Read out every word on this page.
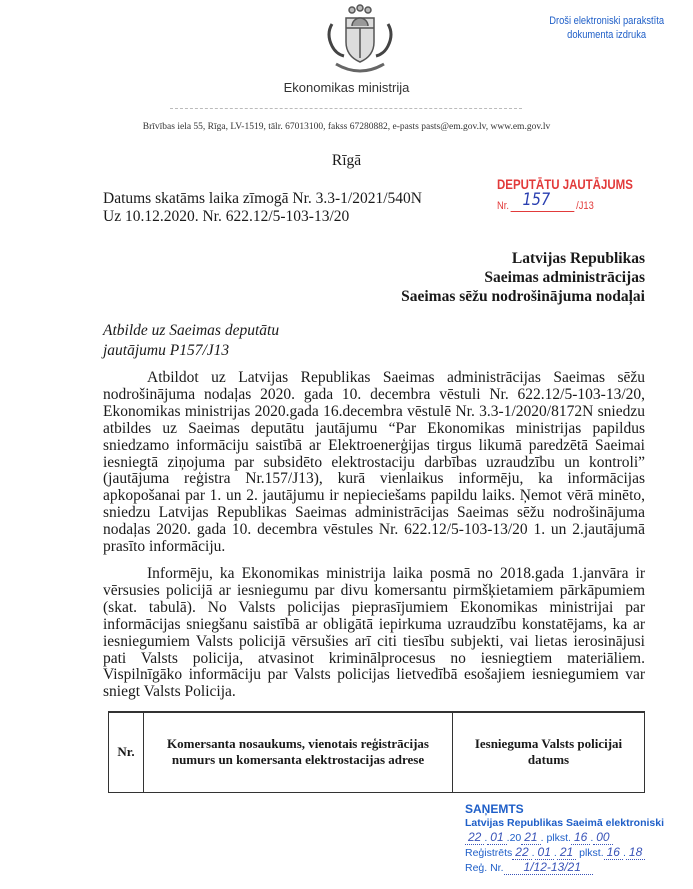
Ekonomikas ministrija
Brīvības iela 55, Rīga, LV-1519, tālr. 67013100, fakss 67280882, e-pasts pasts@em.gov.lv, www.em.gov.lv
Droši elektroniski parakstīta
dokumenta izdruka
Rīgā
Datums skatāms laika zīmogā Nr. 3.3-1/2021/540N
Uz 10.12.2020. Nr. 622.12/5-103-13/20
DEPUTĀTU JAUTĀJUMS
Nr. 157 /J13
Latvijas Republikas
Saeimas administrācijas
Saeimas sēžu nodrošinājuma nodaļai
Atbilde uz Saeimas deputātu
jautājumu P157/J13
Atbildot uz Latvijas Republikas Saeimas administrācijas Saeimas sēžu nodrošinājuma nodaļas 2020. gada 10. decembra vēstuli Nr. 622.12/5-103-13/20, Ekonomikas ministrijas 2020.gada 16.decembra vēstulē Nr. 3.3-1/2020/8172N sniedzu atbildes uz Saeimas deputātu jautājumu “Par Ekonomikas ministrijas papildus sniedzamo informāciju saistībā ar Elektroenerģijas tirgus likumā paredzētā Saeimai iesniegtā ziņojuma par subsidēto elektrostaciju darbības uzraudzību un kontroli” (jautājuma reģistra Nr.157/J13), kurā vienlaikus informēju, ka informācijas apkopošanai par 1. un 2. jautājumu ir nepieciešams papildu laiks. Ņemot vērā minēto, sniedzu Latvijas Republikas Saeimas administrācijas Saeimas sēžu nodrošinājuma nodaļas 2020. gada 10. decembra vēstules Nr. 622.12/5-103-13/20 1. un 2.jautājumā prasīto informāciju.
Informēju, ka Ekonomikas ministrija laika posmā no 2018.gada 1.janvāra ir vērsusies policijā ar iesniegumu par divu komersantu pirmšķietamiem pārkāpumiem (skat. tabulā). No Valsts policijas pieprasījumiem Ekonomikas ministrijai par informācijas sniegšanu saistībā ar obligātā iepirkuma uzraudzību konstatējams, ka ar iesniegumiem Valsts policijā vērsušies arī citi tiesību subjekti, vai lietas ierosinājusi pati Valsts policija, atvasinot kriminālprocesus no iesniegtiem materiāliem. Vispilnīgāko informāciju par Valsts policijas lietvedībā esošajiem iesniegumiem var sniegt Valsts Policija.
Nr.	Komersanta nosaukums, vienotais reģistrācijas numurs un komersanta elektrostacijas adrese	Iesnieguma Valsts policijai datums
SAŅEMTS
Latvijas Republikas Saeimā elektroniski
22 . 01 . 20 21 . plkst. 16 . 00
Reģistrēts 22 . 01 . 21
plkst. 16 . 18
Reģ. Nr.	1/12-13/21
